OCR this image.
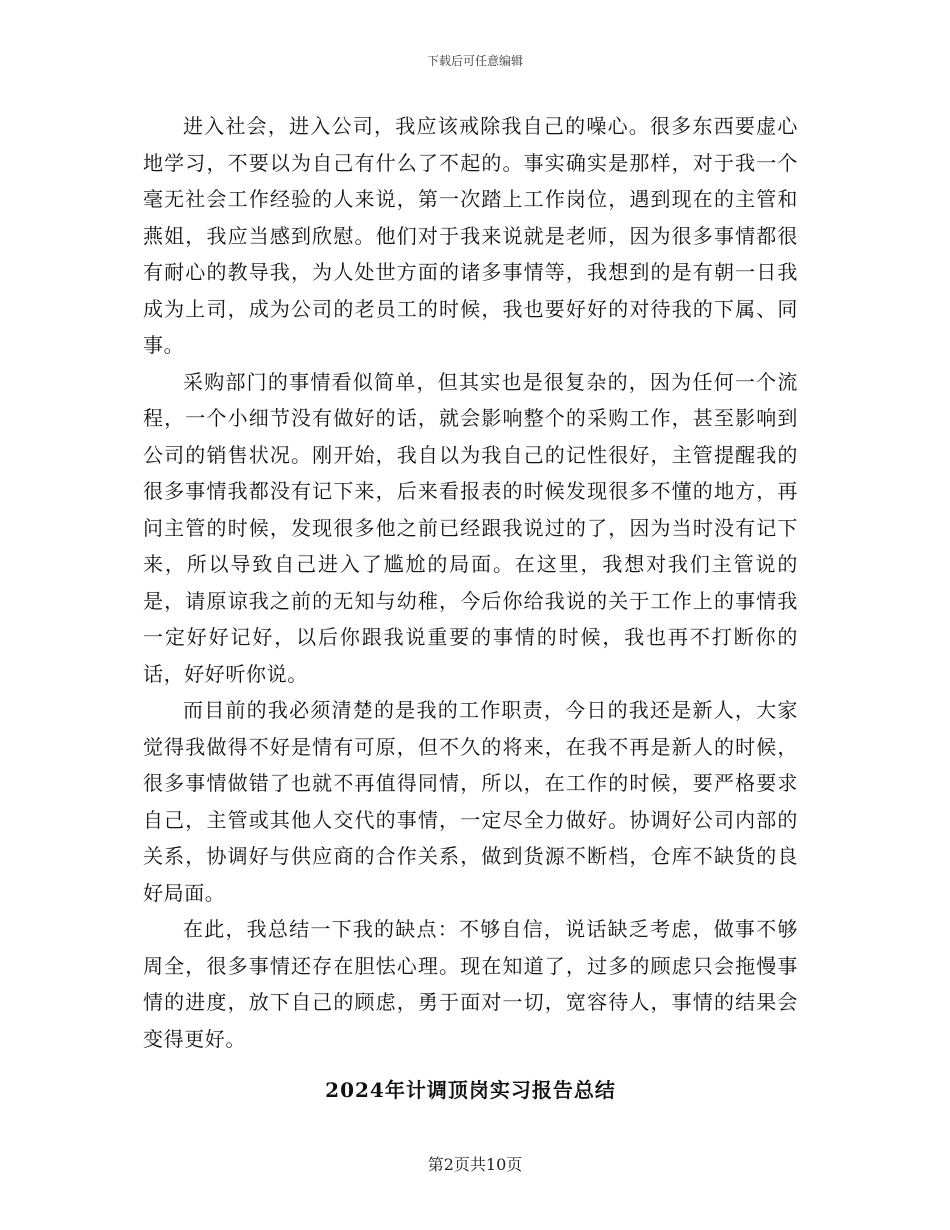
下载后可任意编辑

进入社会，进入公司，我应该戒除我自己的噪心。很多东西要虚心地学习，不要以为自己有什么了不起的。事实确实是那样，对于我一个毫无社会工作经验的人来说，第一次踏上工作岗位，遇到现在的主管和燕姐，我应当感到欣慰。他们对于我来说就是老师，因为很多事情都很有耐心的教导我，为人处世方面的诸多事情等，我想到的是有朝一日我成为上司，成为公司的老员工的时候，我也要好好的对待我的下属、同事。

采购部门的事情看似简单，但其实也是很复杂的，因为任何一个流程，一个小细节没有做好的话，就会影响整个的采购工作，甚至影响到公司的销售状况。刚开始，我自以为我自己的记性很好，主管提醒我的很多事情我都没有记下来，后来看报表的时候发现很多不懂的地方，再问主管的时候，发现很多他之前已经跟我说过的了，因为当时没有记下来，所以导致自己进入了尴尬的局面。在这里，我想对我们主管说的是，请原谅我之前的无知与幼稚，今后你给我说的关于工作上的事情我一定好好记好，以后你跟我说重要的事情的时候，我也再不打断你的话，好好听你说。

而目前的我必须清楚的是我的工作职责，今日的我还是新人，大家觉得我做得不好是情有可原，但不久的将来，在我不再是新人的时候，很多事情做错了也就不再值得同情，所以，在工作的时候，要严格要求自己，主管或其他人交代的事情，一定尽全力做好。协调好公司内部的关系，协调好与供应商的合作关系，做到货源不断档，仓库不缺货的良好局面。

在此，我总结一下我的缺点：不够自信，说话缺乏考虑，做事不够周全，很多事情还存在胆怯心理。现在知道了，过多的顾虑只会拖慢事情的进度，放下自己的顾虑，勇于面对一切，宽容待人，事情的结果会变得更好。

2024年计调顶岗实习报告总结
第2页共10页
